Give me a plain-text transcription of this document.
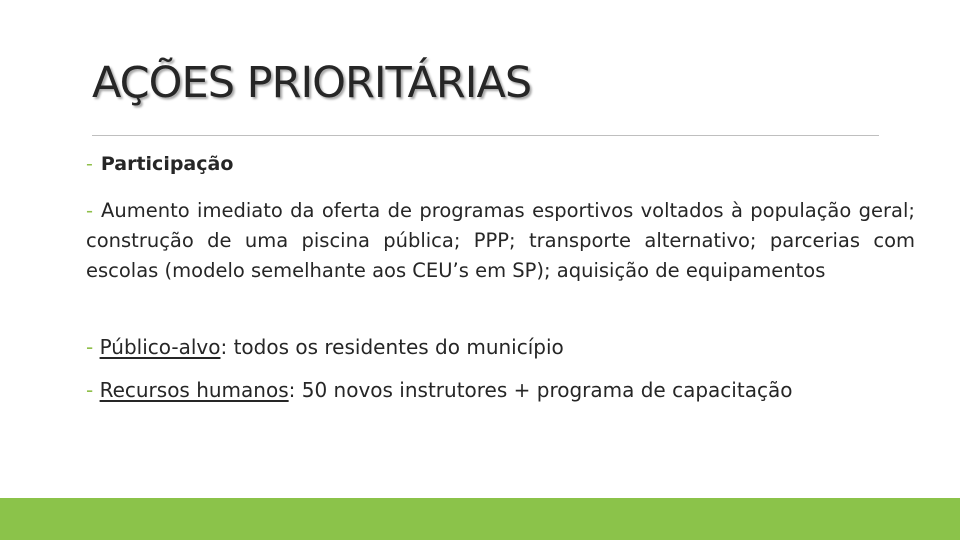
AÇÕES PRIORITÁRIAS
- Participação
- Aumento imediato da oferta de programas esportivos voltados à população geral; construção de uma piscina pública; PPP; transporte alternativo; parcerias com escolas (modelo semelhante aos CEU’s em SP); aquisição de equipamentos
- Público-alvo: todos os residentes do município
- Recursos humanos: 50 novos instrutores + programa de capacitação
